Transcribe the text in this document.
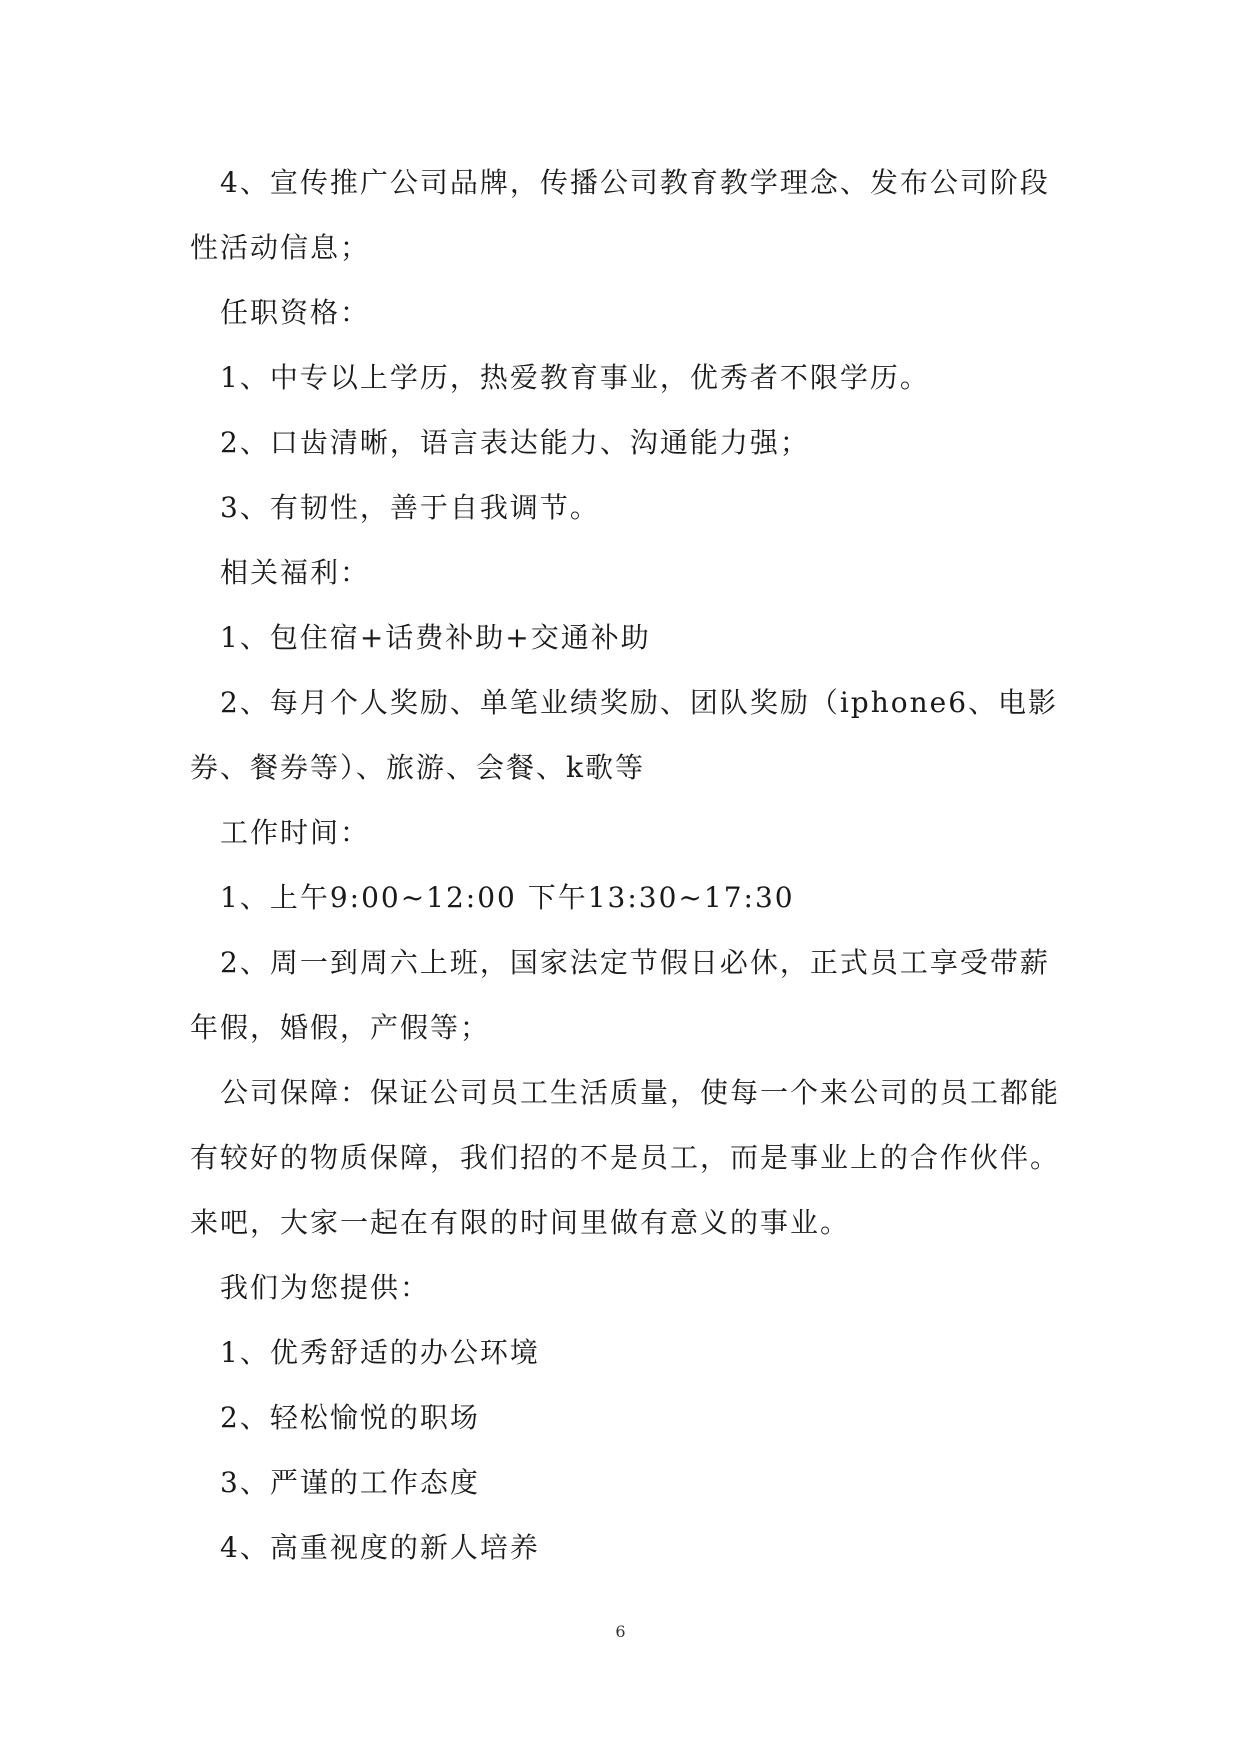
4、宣传推广公司品牌，传播公司教育教学理念、发布公司阶段性活动信息；

任职资格：

1、中专以上学历，热爱教育事业，优秀者不限学历。

2、口齿清晰，语言表达能力、沟通能力强；

3、有韧性，善于自我调节。

相关福利：

1、包住宿+话费补助+交通补助

2、每月个人奖励、单笔业绩奖励、团队奖励（iphone6、电影券、餐券等）、旅游、会餐、k歌等

工作时间：

1、上午9:00~12:00 下午13:30~17:30

2、周一到周六上班，国家法定节假日必休，正式员工享受带薪年假，婚假，产假等；

公司保障：保证公司员工生活质量，使每一个来公司的员工都能有较好的物质保障，我们招的不是员工，而是事业上的合作伙伴。来吧，大家一起在有限的时间里做有意义的事业。

我们为您提供：

1、优秀舒适的办公环境

2、轻松愉悦的职场

3、严谨的工作态度

4、高重视度的新人培养

6
